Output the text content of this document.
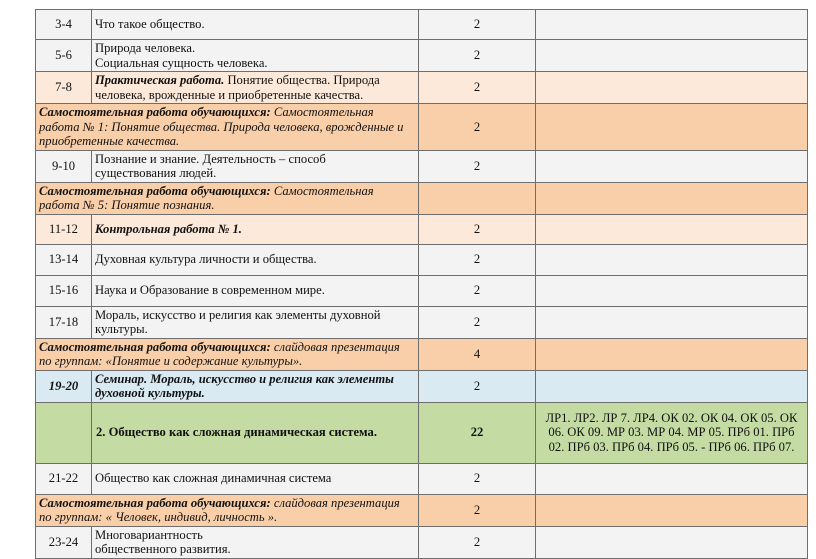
3-4	Что такое общество.	2	
5-6	Природа человека.
Социальная сущность человека.	2	
7-8	Практическая работа. Понятие общества. Природа человека, врожденные и приобретенные качества.	2	
Самостоятельная работа обучающихся: Самостоятельная работа № 1: Понятие общества. Природа человека, врожденные и приобретенные качества.		2	
9-10	Познание и знание. Деятельность – способ
существования людей.	2	
Самостоятельная работа обучающихся: Самостоятельная работа № 5: Понятие познания.			
11-12	Контрольная работа № 1.	2	
13-14	Духовная культура личности и общества.	2	
15-16	Наука и Образование в современном мире.	2	
17-18	Мораль, искусство и религия как элементы духовной
культуры.	2	
Самостоятельная работа обучающихся: слайдовая презентация по группам: «Понятие и содержание культуры».		4	
19-20	Семинар. Мораль, искусство и религия как элементы духовной культуры.	2	
	2. Общество как сложная динамическая система.	22	ЛР1. ЛР2. ЛР 7. ЛР4. ОК 02. ОК 04. ОК 05. ОК 06. ОК 09. МР 03. МР 04. МР 05. ПРб 01. ПРб 02. ПРб 03. ПРб 04. ПРб 05. - ПРб 06. ПРб 07.
21-22	Общество как сложная динамичная система	2	
Самостоятельная работа обучающихся: слайдовая презентация по группам: « Человек, индивид, личность ».		2	
23-24	Многовариантность
общественного развития.	2	
